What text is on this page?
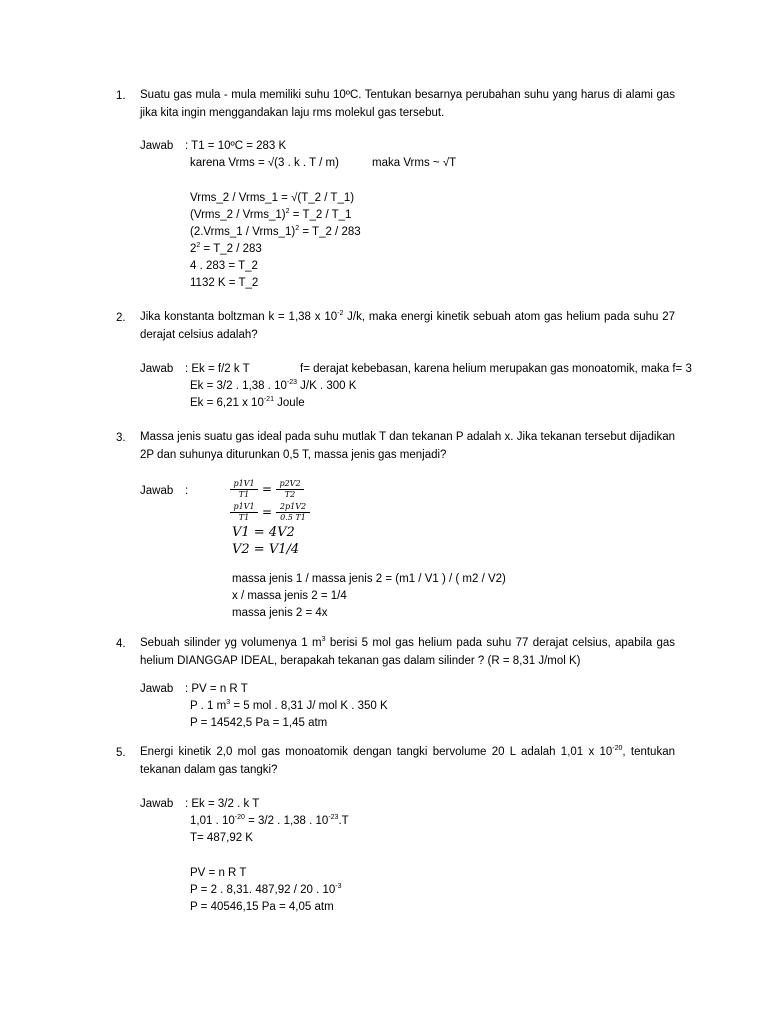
1. Suatu gas mula - mula memiliki suhu 10ºC. Tentukan besarnya perubahan suhu yang harus di alami gas jika kita ingin menggandakan laju rms molekul gas tersebut.
Jawab : T1 = 10ºC = 283 K
karena Vrms = √(3 . k . T / m)	maka Vrms ~ √T
Vrms_2 / Vrms_1 = √(T_2 / T_1)
(Vrms_2 / Vrms_1)$^2$ = T_2 / T_1
(2.Vrms_1 / Vrms_1)$^2$ = T_2 / 283
$2^2$ = T_2 / 283
4 . 283 = T_2
1132 K = T_2
2. Jika konstanta boltzman k = 1,38 x $10^{-2}$ J/k, maka energi kinetik sebuah atom gas helium pada suhu 27 derajat celsius adalah?
Jawab : Ek = f/2 k T	f= derajat kebebasan, karena helium merupakan gas monoatomik, maka f= 3
Ek = 3/2 . 1,38 . $10^{-23}$ J/K . 300 K
Ek = 6,21 x $10^{-21}$ Joule
3. Massa jenis suatu gas ideal pada suhu mutlak T dan tekanan P adalah x. Jika tekanan tersebut dijadikan 2P dan suhunya diturunkan 0,5 T, massa jenis gas menjadi?
Jawab :	$\frac{p1V1}{T1} = \frac{p2V2}{T2}$
$\frac{p1V1}{T1} = \frac{2p1V2}{0.5 T1}$
V1 = 4V2
V2 = V1/4
massa jenis 1 / massa jenis 2 = (m1 / V1 ) / ( m2 / V2)
x / massa jenis 2 = 1/4
massa jenis 2 = 4x
4. Sebuah silinder yg volumenya 1 $m^3$ berisi 5 mol gas helium pada suhu 77 derajat celsius, apabila gas helium DIANGGAP IDEAL, berapakah tekanan gas dalam silinder ? (R = 8,31 J/mol K)
Jawab : PV = n R T
P . 1 $m^3 = 5$ mol . 8,31 J/ mol K . 350 K
P = 14542,5 Pa = 1,45 atm
5. Energi kinetik 2,0 mol gas monoatomik dengan tangki bervolume 20 L adalah 1,01 x $10^{-20}$, tentukan tekanan dalam gas tangki?
Jawab : Ek = 3/2 . k T
1,01 . $10^{-20} = 3/2$ . 1,38 . $10^{-23}.T$
T= 487,92 K
PV = n R T
P = 2 . 8,31. 487,92 / 20 . $10^{-3}$
P = 40546,15 Pa = 4,05 atm
